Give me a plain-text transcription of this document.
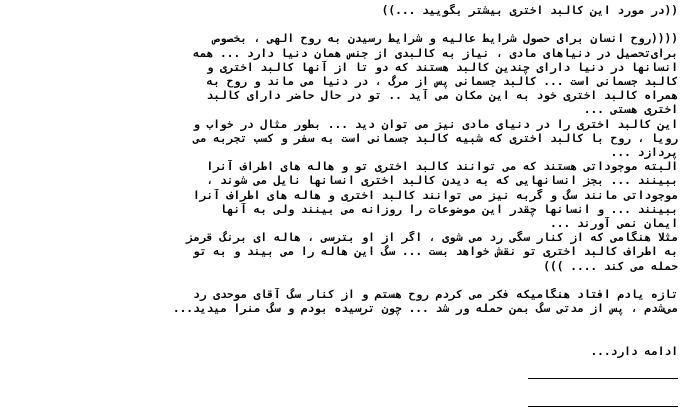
((در مورد این کالبد اختری بیشتر بگویید ...))
((((روح انسان برای حصول شرایط عالیه و شرایط رسیدن به روح الهی ، بخصوص
برای‌تحصیل در دنیاهای مادی ، نیاز به کالبدی از جنس همان دنیا دارد ... همه
انسانها در دنیا دارای چندین کالبد هستند که دو تا از آنها کالبد اختری و
کالبد جسمانی است ... کالبد جسمانی پس از مرگ ، در دنیا می ماند و روح به
همراه کالبد اختری خود به این مکان می آید .. تو در حال حاضر دارای کالبد
اختری هستی ...
این کالبد اختری را در دنیای مادی نیز می توان دید ... بطور مثال در خواب و
رویا ، روح با کالبد اختری که شبیه کالبد جسمانی است به سفر و کسب تجربه می
پردازد ...
البته موجوداتی هستند که می توانند کالبد اختری تو و هاله های اطراف آنرا
ببینند ... بجز انسانهایی که به دیدن کالبد اختری انسانها نایل می شوند ،
موجوداتی مانند سگ و گربه نیز می توانند کالبد اختری و هاله های اطراف آنرا
ببینند ... و انسانها چقدر این موضوعات را روزانه می بینند ولی به آنها
ایمان نمی آورند ...
مثلا هنگامی که از کنار سگی رد می شوی ، اگر از او بترسی ، هاله ای برنگ قرمز
به اطراف کالبد اختری تو نقش خواهد بست ... سگ این هاله را می بیند و به تو
حمله می کند .... )))
تازه یادم افتاد هنگامیکه فکر می کردم روح هستم و از کنار سگ آقای موحدی رد
می‌شدم ، پس از مدتی سگ بمن حمله ور شد ... چون ترسیده بودم و سگ منرا میدید...
ادامه دارد...
